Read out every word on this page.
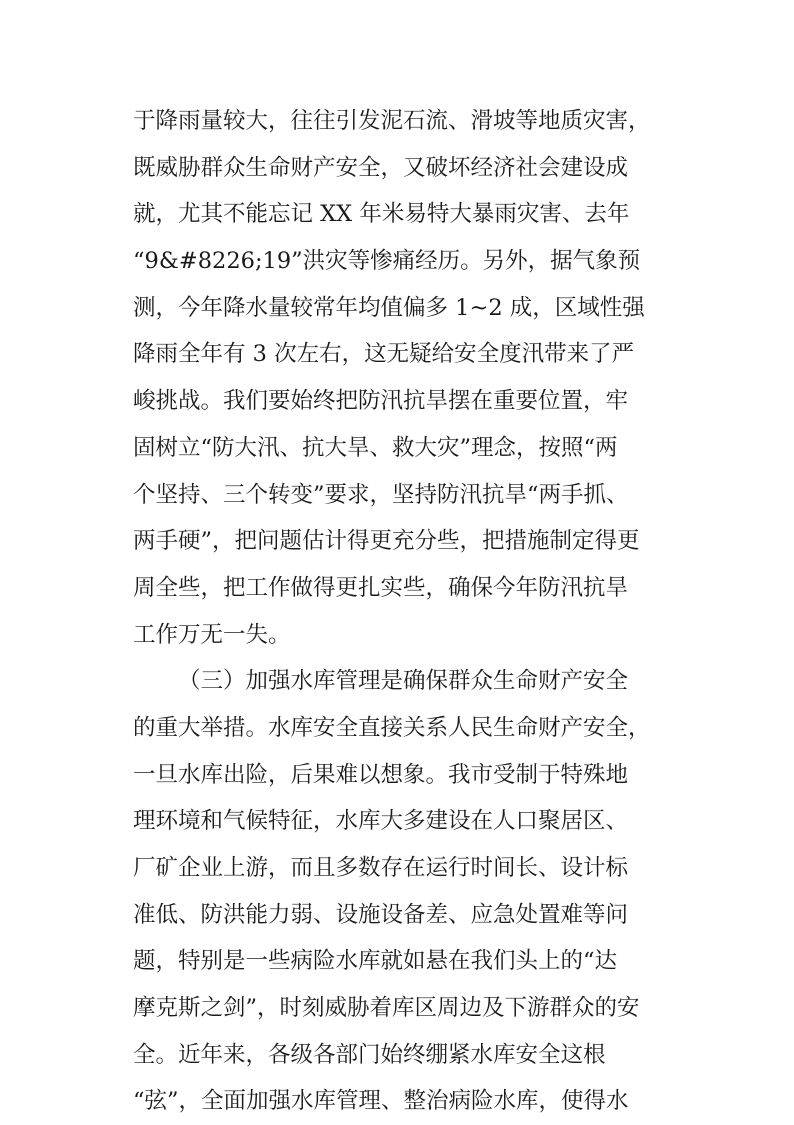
于降雨量较大，往往引发泥石流、滑坡等地质灾害，
既威胁群众生命财产安全，又破坏经济社会建设成
就，尤其不能忘记 XX 年米易特大暴雨灾害、去年
“9&#8226;19”洪灾等惨痛经历。另外，据气象预
测，今年降水量较常年均值偏多 1~2 成，区域性强
降雨全年有 3 次左右，这无疑给安全度汛带来了严
峻挑战。我们要始终把防汛抗旱摆在重要位置，牢
固树立“防大汛、抗大旱、救大灾”理念，按照“两
个坚持、三个转变”要求，坚持防汛抗旱“两手抓、
两手硬”，把问题估计得更充分些，把措施制定得更
周全些，把工作做得更扎实些，确保今年防汛抗旱
工作万无一失。
（三）加强水库管理是确保群众生命财产安全
的重大举措。水库安全直接关系人民生命财产安全，
一旦水库出险，后果难以想象。我市受制于特殊地
理环境和气候特征，水库大多建设在人口聚居区、
厂矿企业上游，而且多数存在运行时间长、设计标
准低、防洪能力弱、设施设备差、应急处置难等问
题，特别是一些病险水库就如悬在我们头上的“达
摩克斯之剑”，时刻威胁着库区周边及下游群众的安
全。近年来，各级各部门始终绷紧水库安全这根
“弦”，全面加强水库管理、整治病险水库，使得水
